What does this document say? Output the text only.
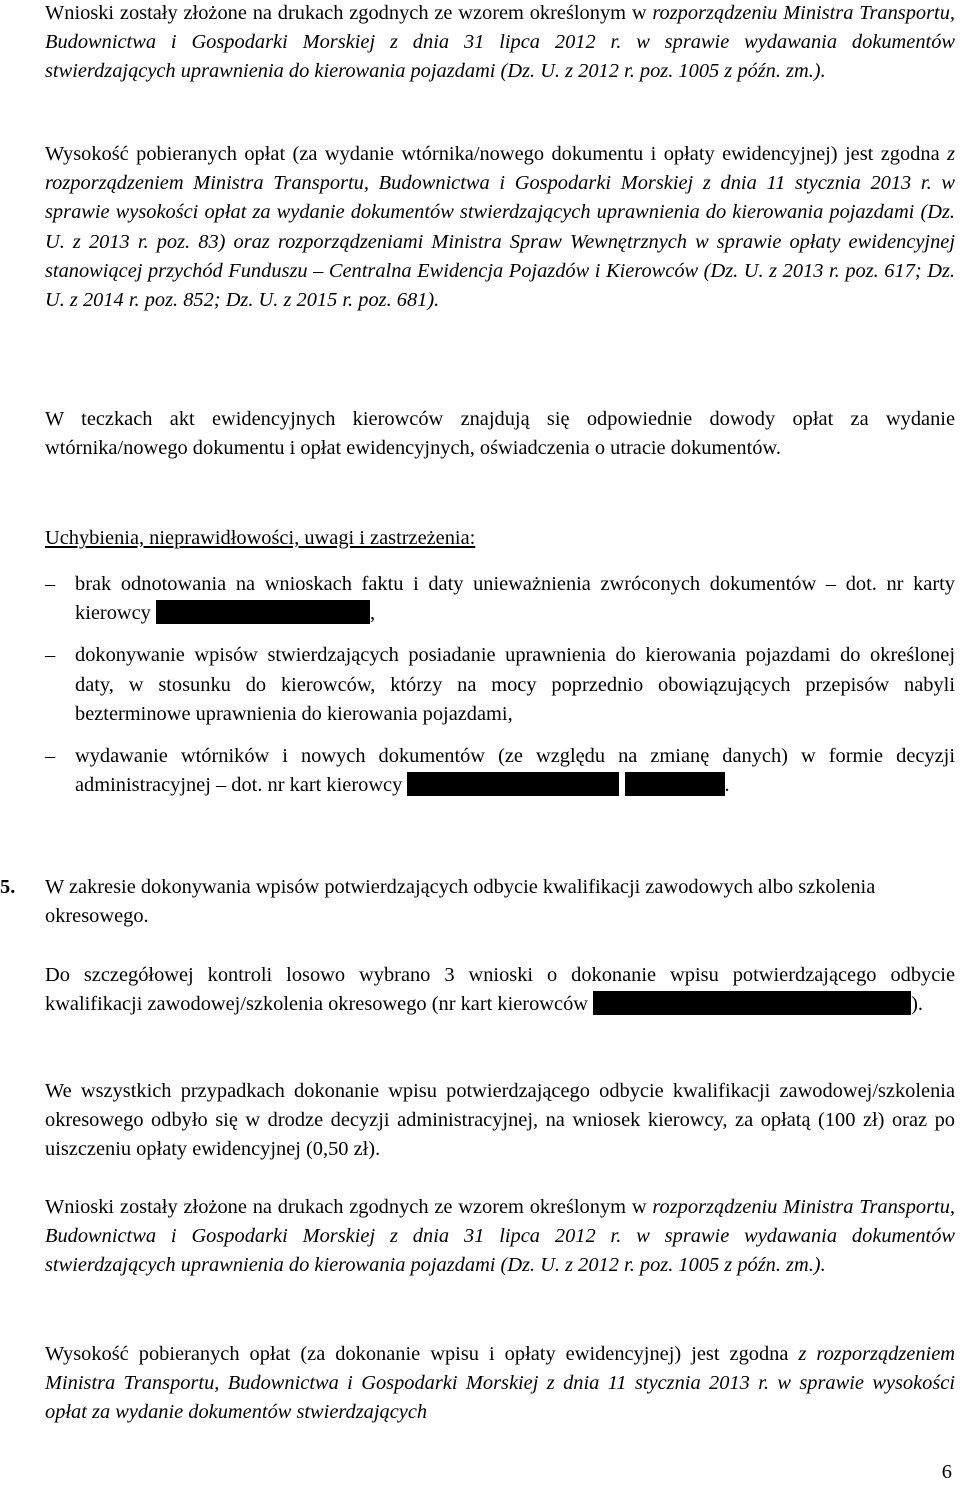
Wnioski zostały złożone na drukach zgodnych ze wzorem określonym w rozporządzeniu Ministra Transportu, Budownictwa i Gospodarki Morskiej z dnia 31 lipca 2012 r. w sprawie wydawania dokumentów stwierdzających uprawnienia do kierowania pojazdami (Dz. U. z 2012 r. poz. 1005 z późn. zm.).

Wysokość pobieranych opłat (za wydanie wtórnika/nowego dokumentu i opłaty ewidencyjnej) jest zgodna z rozporządzeniem Ministra Transportu, Budownictwa i Gospodarki Morskiej z dnia 11 stycznia 2013 r. w sprawie wysokości opłat za wydanie dokumentów stwierdzających uprawnienia do kierowania pojazdami (Dz. U. z 2013 r. poz. 83) oraz rozporządzeniami Ministra Spraw Wewnętrznych w sprawie opłaty ewidencyjnej stanowiącej przychód Funduszu – Centralna Ewidencja Pojazdów i Kierowców (Dz. U. z 2013 r. poz. 617; Dz. U. z 2014 r. poz. 852; Dz. U. z 2015 r. poz. 681).

W teczkach akt ewidencyjnych kierowców znajdują się odpowiednie dowody opłat za wydanie wtórnika/nowego dokumentu i opłat ewidencyjnych, oświadczenia o utracie dokumentów.

Uchybienia, nieprawidłowości, uwagi i zastrzeżenia:

– brak odnotowania na wnioskach faktu i daty unieważnienia zwróconych dokumentów – dot. nr karty kierowcy	,
– dokonywanie wpisów stwierdzających posiadanie uprawnienia do kierowania pojazdami do określonej daty, w stosunku do kierowców, którzy na mocy poprzednio obowiązujących przepisów nabyli bezterminowe uprawnienia do kierowania pojazdami,
– wydawanie wtórników i nowych dokumentów (ze względu na zmianę danych) w formie decyzji administracyjnej – dot. nr kart kierowcy	.

5. W zakresie dokonywania wpisów potwierdzających odbycie kwalifikacji zawodowych albo szkolenia okresowego.

Do szczegółowej kontroli losowo wybrano 3 wnioski o dokonanie wpisu potwierdzającego odbycie kwalifikacji zawodowej/szkolenia okresowego (nr kart kierowców	).

We wszystkich przypadkach dokonanie wpisu potwierdzającego odbycie kwalifikacji zawodowej/szkolenia okresowego odbyło się w drodze decyzji administracyjnej, na wniosek kierowcy, za opłatą (100 zł) oraz po uiszczeniu opłaty ewidencyjnej (0,50 zł).

Wnioski zostały złożone na drukach zgodnych ze wzorem określonym w rozporządzeniu Ministra Transportu, Budownictwa i Gospodarki Morskiej z dnia 31 lipca 2012 r. w sprawie wydawania dokumentów stwierdzających uprawnienia do kierowania pojazdami (Dz. U. z 2012 r. poz. 1005 z późn. zm.).

Wysokość pobieranych opłat (za dokonanie wpisu i opłaty ewidencyjnej) jest zgodna z rozporządzeniem Ministra Transportu, Budownictwa i Gospodarki Morskiej z dnia 11 stycznia 2013 r. w sprawie wysokości opłat za wydanie dokumentów stwierdzających

6
